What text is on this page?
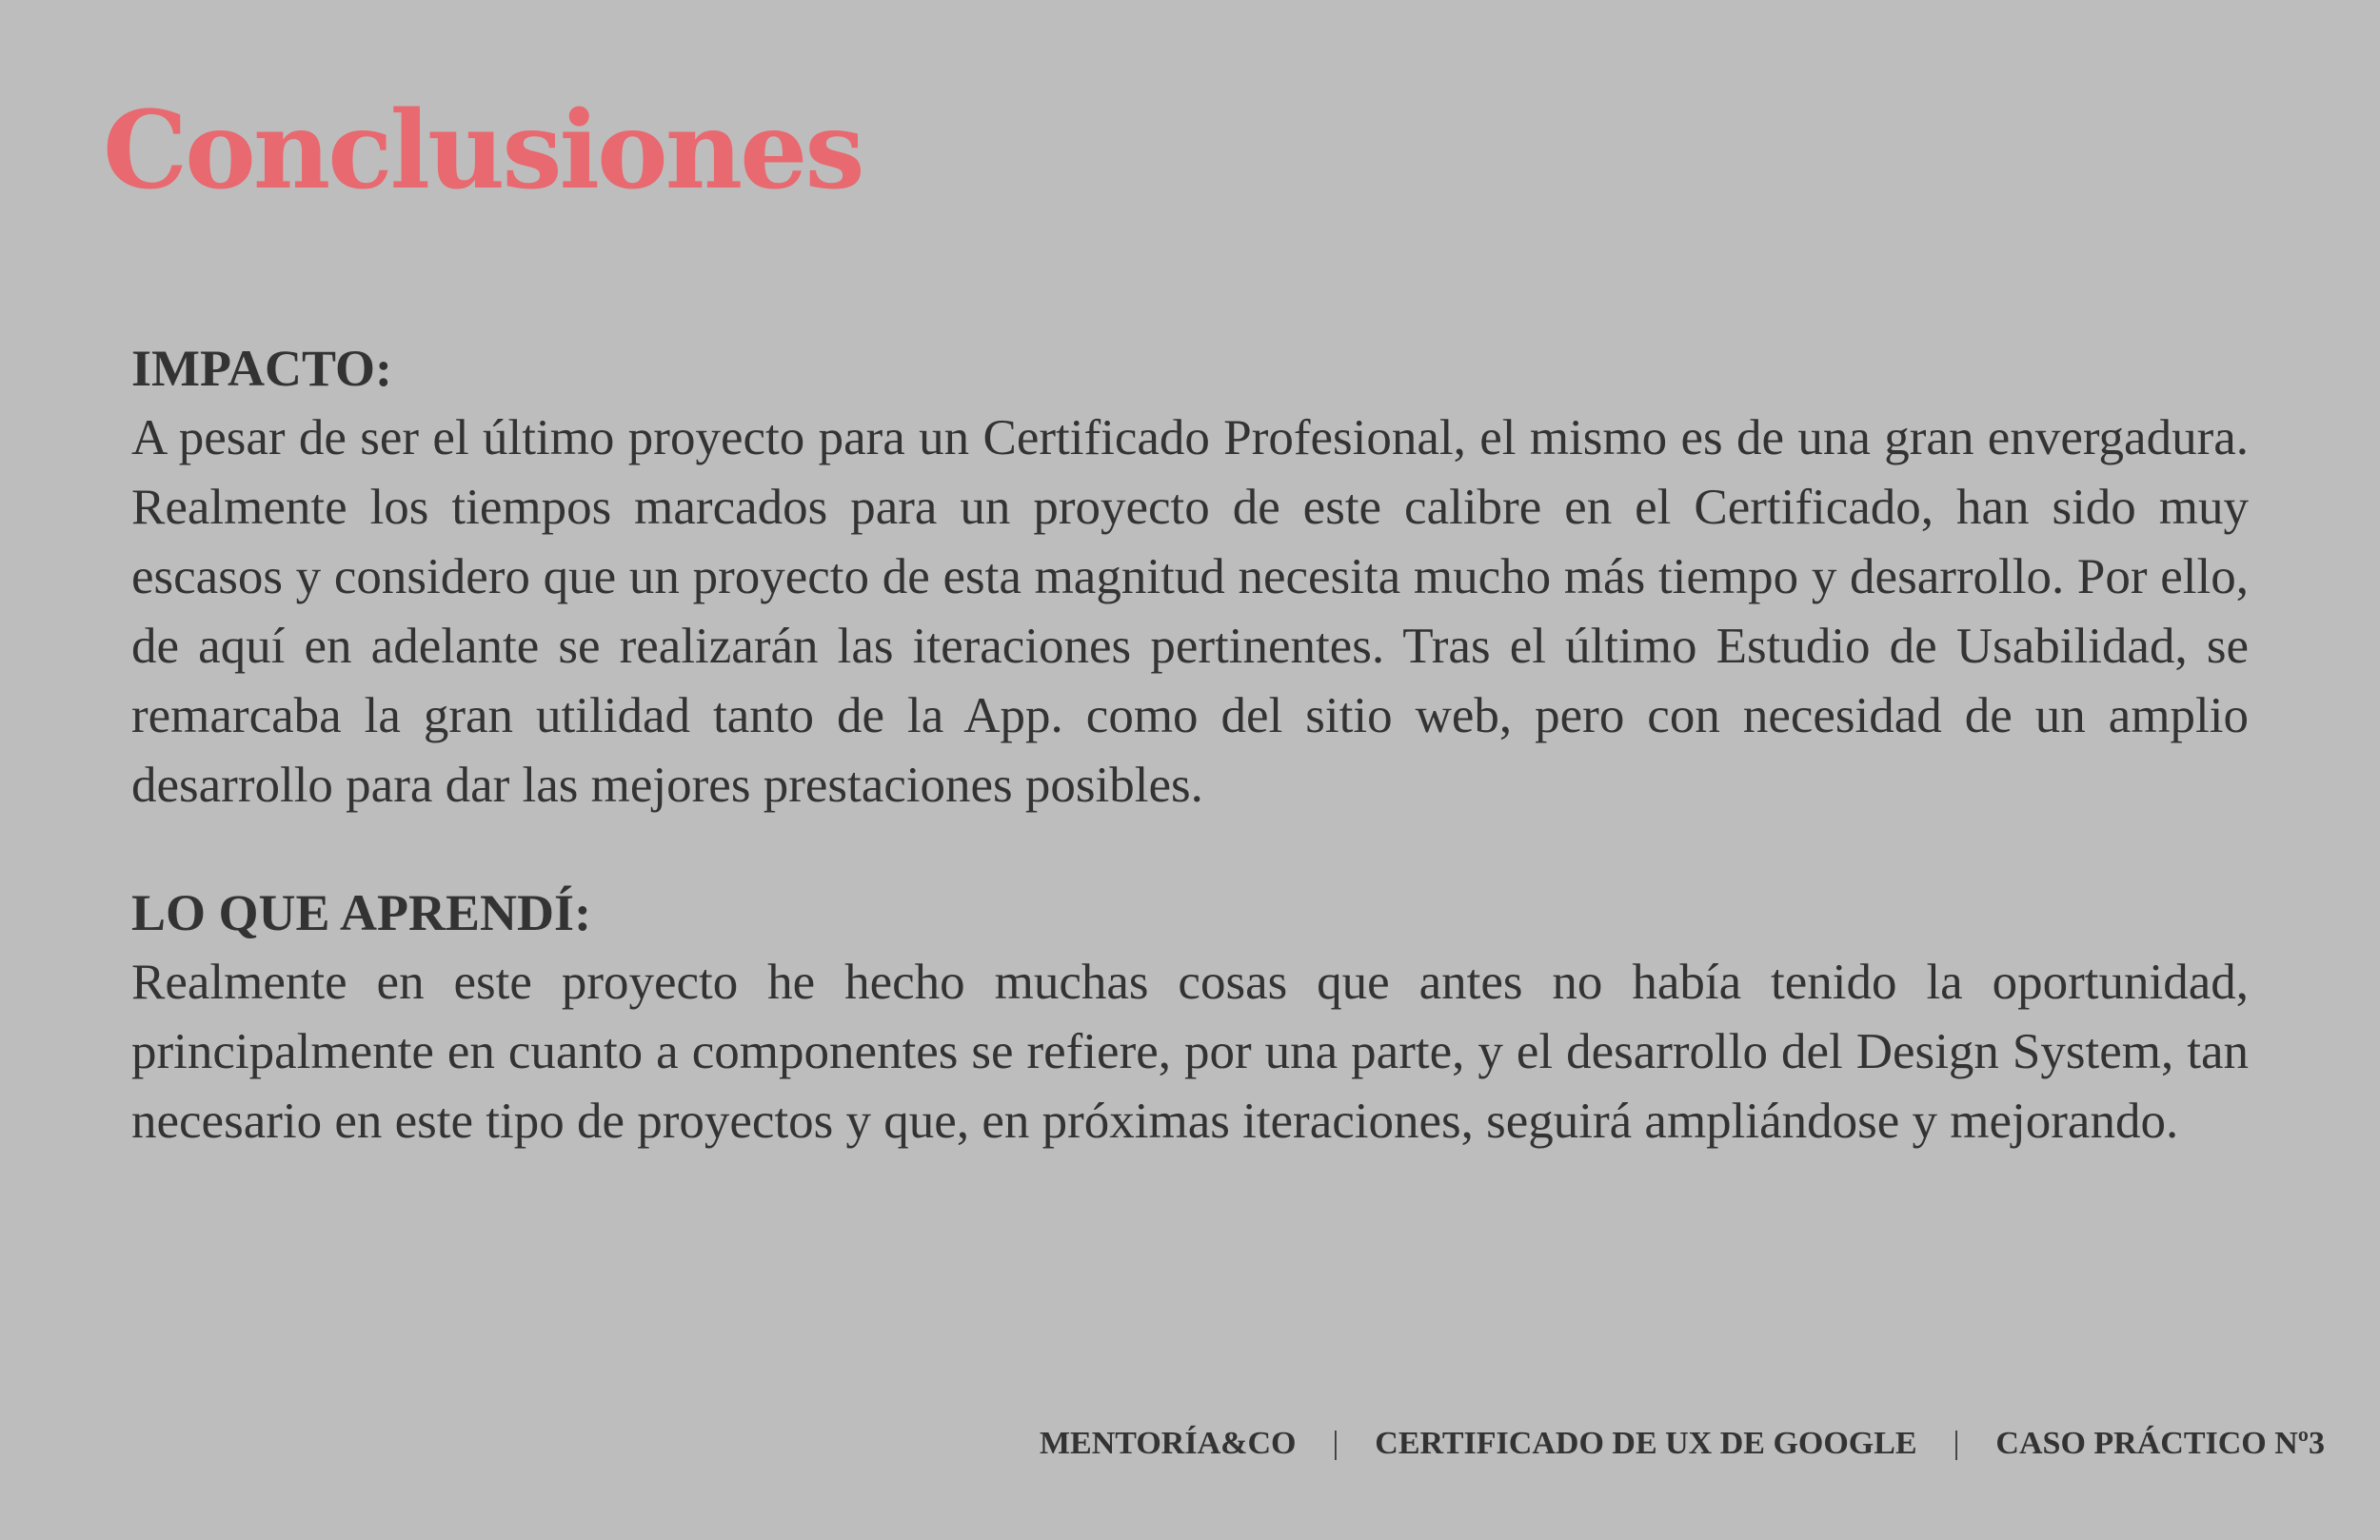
Conclusiones
IMPACTO:

A pesar de ser el último proyecto para un Certificado Profesional, el mismo es de una gran envergadura. Realmente los tiempos marcados para un proyecto de este calibre en el Certificado, han sido muy escasos y considero que un proyecto de esta magnitud necesita mucho más tiempo y desarrollo. Por ello, de aquí en adelante se realizarán las iteraciones pertinentes. Tras el último Estudio de Usabilidad, se remarcaba la gran utilidad tanto de la App. como del sitio web, pero con necesidad de un amplio desarrollo para dar las mejores prestaciones posibles.

LO QUE APRENDÍ:

Realmente en este proyecto he hecho muchas cosas que antes no había tenido la oportunidad, principalmente en cuanto a componentes se refiere, por una parte, y el desarrollo del Design System, tan necesario en este tipo de proyectos y que, en próximas iteraciones, seguirá ampliándose y mejorando.

MENTORÍA&CO | CERTIFICADO DE UX DE GOOGLE | CASO PRÁCTICO Nº3
